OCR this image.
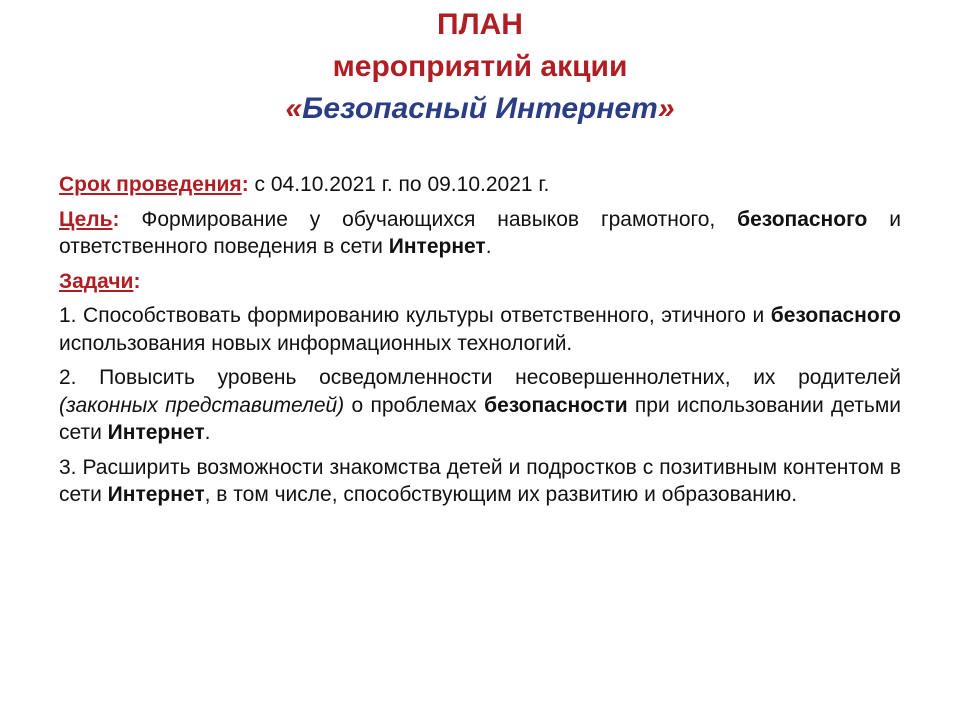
ПЛАН
мероприятий акции
«Безопасный Интернет»

Срок проведения: с 04.10.2021 г. по 09.10.2021 г.

Цель: Формирование у обучающихся навыков грамотного, безопасного и ответственного поведения в сети Интернет.

Задачи:

1. Способствовать формированию культуры ответственного, этичного и безопасного использования новых информационных технологий.

2. Повысить уровень осведомленности несовершеннолетних, их родителей (законных представителей) о проблемах безопасности при использовании детьми сети Интернет.

3. Расширить возможности знакомства детей и подростков с позитивным контентом в сети Интернет, в том числе, способствующим их развитию и образованию.
